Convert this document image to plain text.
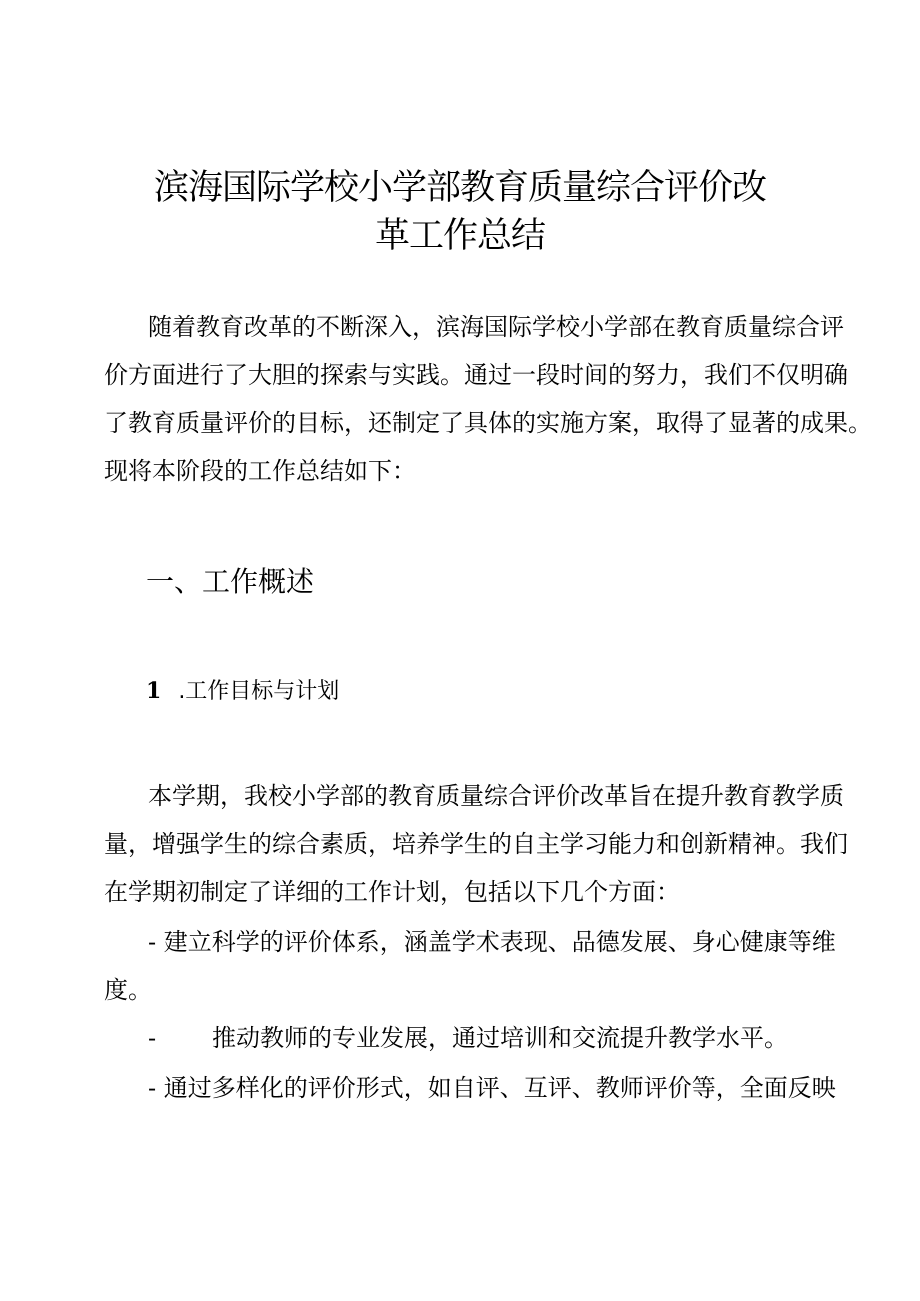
滨海国际学校小学部教育质量综合评价改
革工作总结
随着教育改革的不断深入，滨海国际学校小学部在教育质量综合评
价方面进行了大胆的探索与实践。通过一段时间的努力，我们不仅明确
了教育质量评价的目标，还制定了具体的实施方案，取得了显著的成果。
现将本阶段的工作总结如下：
一、工作概述
1 .工作目标与计划
本学期，我校小学部的教育质量综合评价改革旨在提升教育教学质
量，增强学生的综合素质，培养学生的自主学习能力和创新精神。我们
在学期初制定了详细的工作计划，包括以下几个方面：
- 建立科学的评价体系，涵盖学术表现、品德发展、身心健康等维
度。
- 推动教师的专业发展，通过培训和交流提升教学水平。
- 通过多样化的评价形式，如自评、互评、教师评价等，全面反映
